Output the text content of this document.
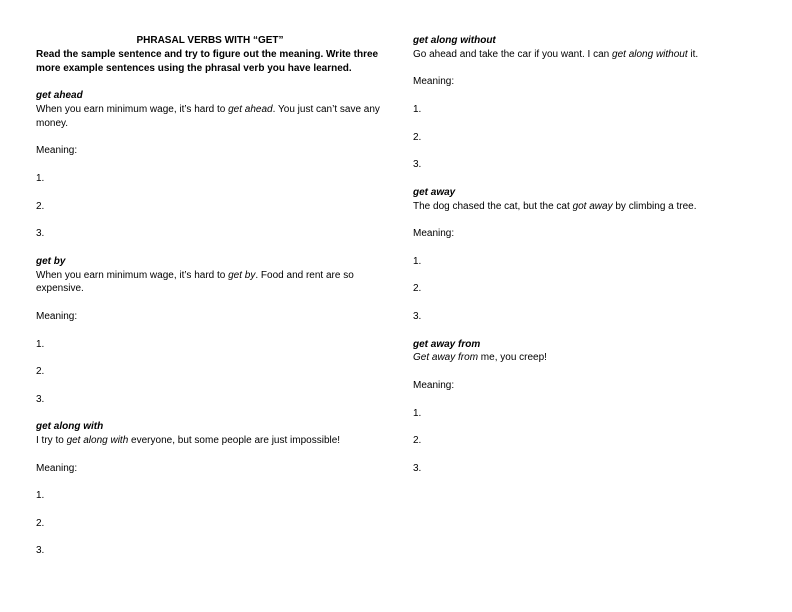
PHRASAL VERBS WITH “GET”
Read the sample sentence and try to figure out the meaning. Write three more example sentences using the phrasal verb you have learned.
get ahead
When you earn minimum wage, it’s hard to get ahead. You just can’t save any money.
Meaning:
1.
2.
3.
get by
When you earn minimum wage, it’s hard to get by. Food and rent are so expensive.
Meaning:
1.
2.
3.
get along with
I try to get along with everyone, but some people are just impossible!
Meaning:
1.
2.
3.
get along without
Go ahead and take the car if you want. I can get along without it.
Meaning:
1.
2.
3.
get away
The dog chased the cat, but the cat got away by climbing a tree.
Meaning:
1.
2.
3.
get away from
Get away from me, you creep!
Meaning:
1.
2.
3.
